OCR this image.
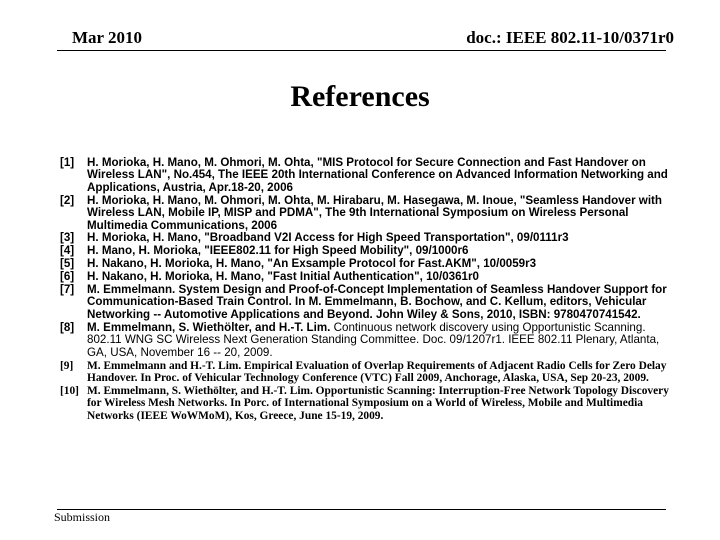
Mar 2010	doc.: IEEE 802.11-10/0371r0
References
[1]	H. Morioka, H. Mano, M. Ohmori, M. Ohta, "MIS Protocol for Secure Connection and Fast Handover on Wireless LAN", No.454, The IEEE 20th International Conference on Advanced Information Networking and Applications, Austria, Apr.18-20, 2006
[2]	H. Morioka, H. Mano, M. Ohmori, M. Ohta, M. Hirabaru, M. Hasegawa, M. Inoue, "Seamless Handover with Wireless LAN, Mobile IP, MISP and PDMA", The 9th International Symposium on Wireless Personal Multimedia Communications, 2006
[3]	H. Morioka, H. Mano, "Broadband V2I Access for High Speed Transportation", 09/0111r3
[4]	H. Mano, H. Morioka, "IEEE802.11 for High Speed Mobility", 09/1000r6
[5]	H. Nakano, H. Morioka, H. Mano, "An Exsample Protocol for Fast.AKM", 10/0059r3
[6]	H. Nakano, H. Morioka, H. Mano, "Fast Initial Authentication", 10/0361r0
[7]	M. Emmelmann. System Design and Proof-of-Concept Implementation of Seamless Handover Support for Communication-Based Train Control. In M. Emmelmann, B. Bochow, and C. Kellum, editors, Vehicular Networking -- Automotive Applications and Beyond. John Wiley & Sons, 2010, ISBN: 9780470741542.
[8]	M. Emmelmann, S. Wiethölter, and H.-T. Lim. Continuous network discovery using Opportunistic Scanning. 802.11 WNG SC Wireless Next Generation Standing Committee. Doc. 09/1207r1. IEEE 802.11 Plenary, Atlanta, GA, USA, November 16 -- 20, 2009.
[9]	M. Emmelmann and H.-T. Lim. Empirical Evaluation of Overlap Requirements of Adjacent Radio Cells for Zero Delay Handover. In Proc. of Vehicular Technology Conference (VTC) Fall 2009, Anchorage, Alaska, USA, Sep 20-23, 2009.
[10] M. Emmelmann, S. Wiethölter, and H.-T. Lim. Opportunistic Scanning: Interruption-Free Network Topology Discovery for Wireless Mesh Networks. In Porc. of International Symposium on a World of Wireless, Mobile and Multimedia Networks (IEEE WoWMoM), Kos, Greece, June 15-19, 2009.
Submission
